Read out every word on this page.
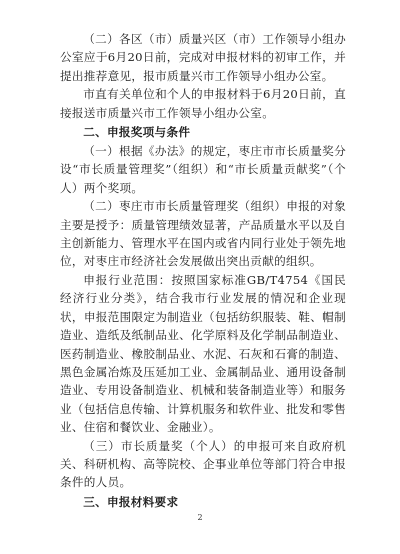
（二）各区（市）质量兴区（市）工作领导小组办公室应于6月20日前，完成对申报材料的初审工作，并提出推荐意见，报市质量兴市工作领导小组办公室。

市直有关单位和个人的申报材料于6月20日前，直接报送市质量兴市工作领导小组办公室。

二、申报奖项与条件

（一）根据《办法》的规定，枣庄市市长质量奖分设“市长质量管理奖”（组织）和“市长质量贡献奖”（个人）两个奖项。

（二）枣庄市市长质量管理奖（组织）申报的对象主要是授予：质量管理绩效显著，产品质量水平以及自主创新能力、管理水平在国内或省内同行业处于领先地位，对枣庄市经济社会发展做出突出贡献的组织。

申报行业范围：按照国家标准GB/T4754《国民经济行业分类》，结合我市行业发展的情况和企业现状，申报范围限定为制造业（包括纺织服装、鞋、帽制造业、造纸及纸制品业、化学原料及化学制品制造业、医药制造业、橡胶制品业、水泥、石灰和石膏的制造、黑色金属冶炼及压延加工业、金属制品业、通用设备制造业、专用设备制造业、机械和装备制造业等）和服务业（包括信息传输、计算机服务和软件业、批发和零售业、住宿和餐饮业、金融业）。

（三）市长质量奖（个人）的申报可来自政府机关、科研机构、高等院校、企事业单位等部门符合申报条件的人员。

三、申报材料要求
2
